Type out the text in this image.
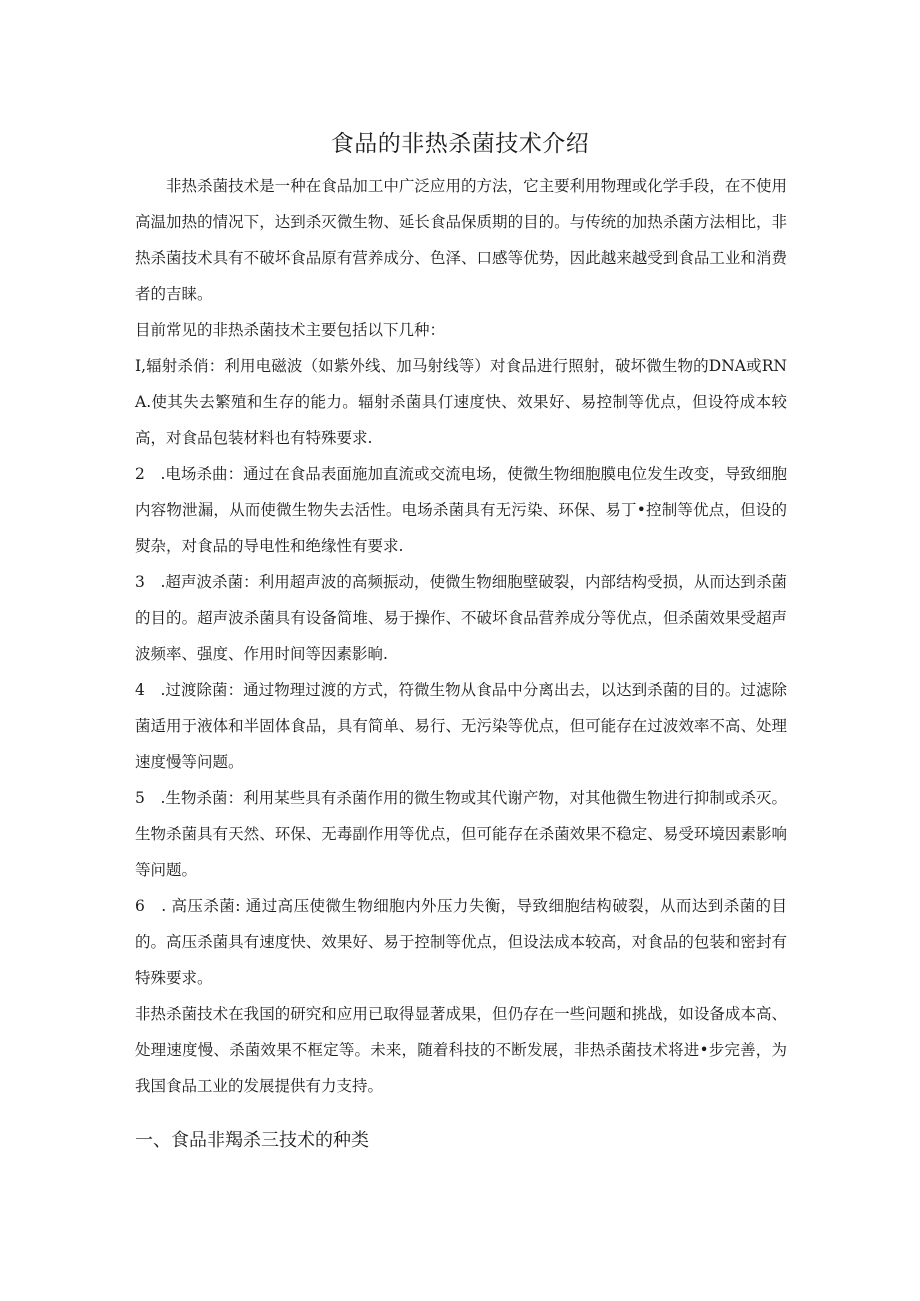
食品的非热杀菌技术介绍

非热杀菌技术是一种在食品加工中广泛应用的方法，它主要利用物理或化学手段，在不使用高温加热的情况下，达到杀灭微生物、延长食品保质期的目的。与传统的加热杀菌方法相比，非热杀菌技术具有不破坏食品原有营养成分、色泽、口感等优势，因此越来越受到食品工业和消费者的吉睐。

目前常见的非热杀菌技术主要包括以下几种：

I,辐射杀俏：利用电磁波（如紫外线、加马射线等）对食品进行照射，破坏微生物的DNA或RNA.使其失去繁殖和生存的能力。辐射杀菌具仃速度快、效果好、易控制等优点，但设符成本较高，对食品包装材料也有特殊要求.

2　.电场杀曲：通过在食品表面施加直流或交流电场，使微生物细胞膜电位发生改变，导致细胞内容物泄漏，从而使微生物失去活性。电场杀菌具有无污染、环保、易丁•控制等优点，但设的熨杂，对食品的导电性和绝缘性有要求.

3　.超声波杀菌：利用超声波的高频振动，使微生物细胞壁破裂，内部结构受损，从而达到杀菌的目的。超声波杀菌具有设备简堆、易于操作、不破坏食品营养成分等优点，但杀菌效果受超声波频率、强度、作用时间等因素影晌.

4　.过渡除菌：通过物理过渡的方式，符微生物从食品中分离出去，以达到杀菌的目的。过滤除菌适用于液体和半固体食品，具有简单、易行、无污染等优点，但可能存在过波效率不高、处理速度慢等问题。

5　.生物杀菌：利用某些具有杀菌作用的微生物或其代谢产物，对其他微生物进行抑制或杀灭。生物杀菌具有天然、环保、无毒副作用等优点，但可能存在杀菌效果不稳定、易受环境因素影响等问题。

6　. 高压杀菌: 通过高压使微生物细胞内外压力失衡，导致细胞结构破裂，从而达到杀菌的目的。高压杀菌具有速度快、效果好、易于控制等优点，但设法成本较高，对食品的包装和密封有特殊要求。

非热杀菌技术在我国的研究和应用已取得显著成果，但仍存在一些问题和挑战，如设备成本高、处理速度慢、杀菌效果不框定等。未来，随着科技的不断发展，非热杀菌技术将进•步完善，为我国食品工业的发展提供有力支持。

一、食品非羯杀三技术的种类
